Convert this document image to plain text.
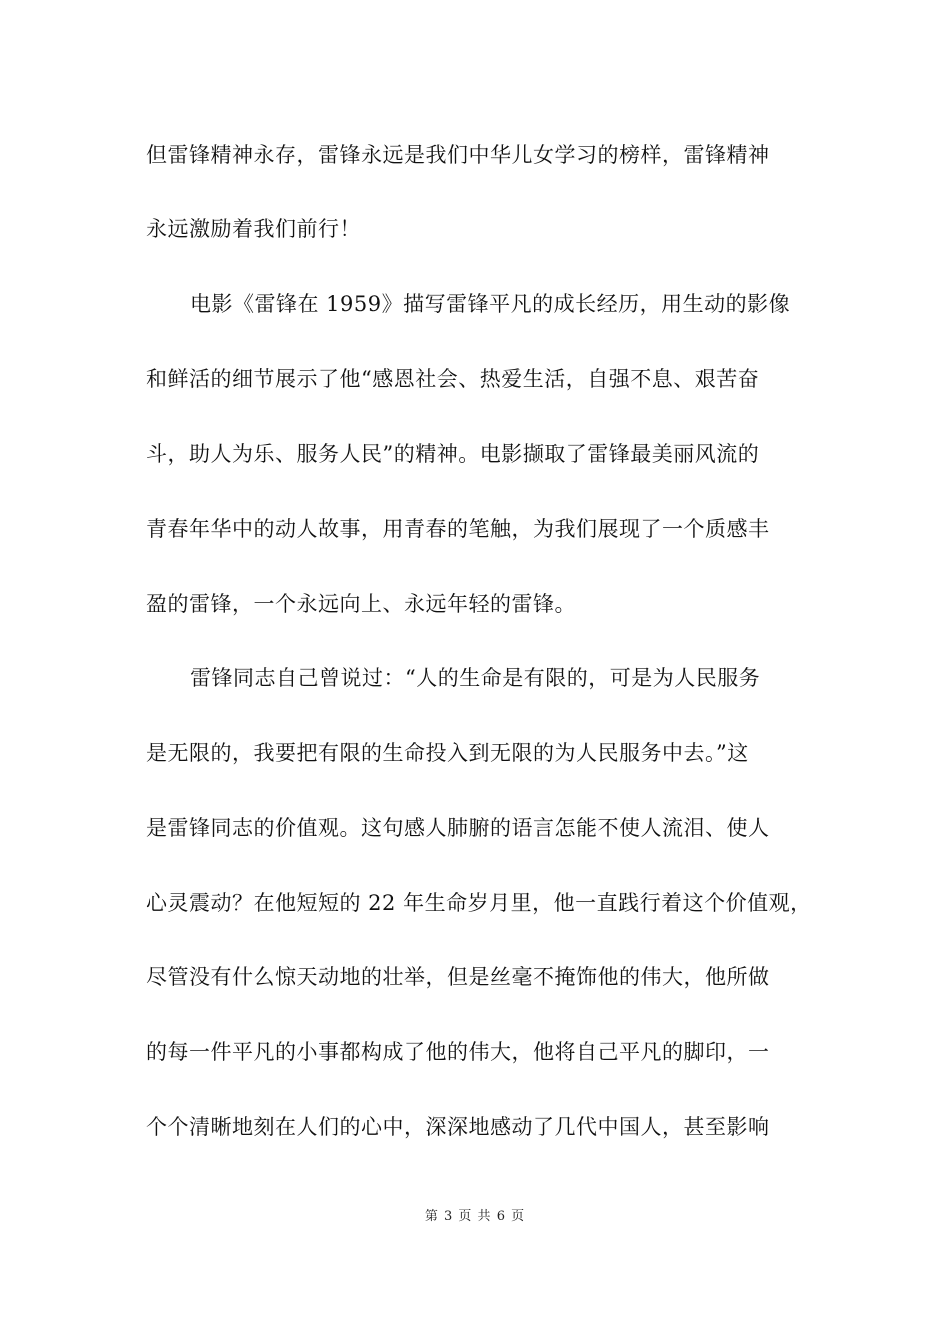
但雷锋精神永存，雷锋永远是我们中华儿女学习的榜样，雷锋精神
永远激励着我们前行！
电影《雷锋在 1959》描写雷锋平凡的成长经历，用生动的影像
和鲜活的细节展示了他“感恩社会、热爱生活，自强不息、艰苦奋
斗，助人为乐、服务人民”的精神。电影撷取了雷锋最美丽风流的
青春年华中的动人故事，用青春的笔触，为我们展现了一个质感丰
盈的雷锋，一个永远向上、永远年轻的雷锋。
雷锋同志自己曾说过：“人的生命是有限的，可是为人民服务
是无限的，我要把有限的生命投入到无限的为人民服务中去。”这
是雷锋同志的价值观。这句感人肺腑的语言怎能不使人流泪、使人
心灵震动？在他短短的 22 年生命岁月里，他一直践行着这个价值观，
尽管没有什么惊天动地的壮举，但是丝毫不掩饰他的伟大，他所做
的每一件平凡的小事都构成了他的伟大，他将自己平凡的脚印，一
个个清晰地刻在人们的心中，深深地感动了几代中国人，甚至影响
第 3 页 共 6 页
